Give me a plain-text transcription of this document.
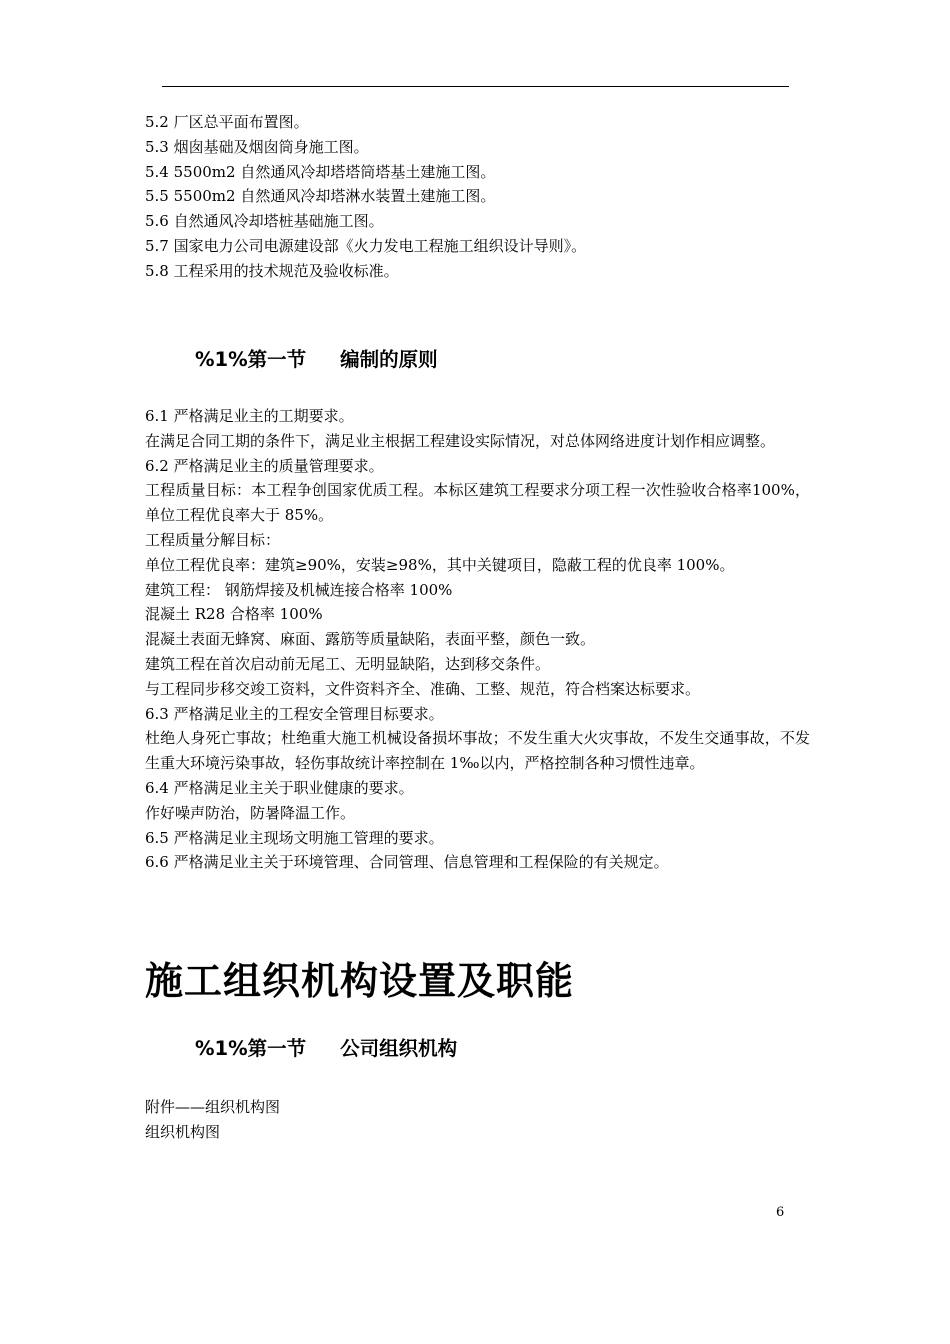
5.2 厂区总平面布置图。
5.3 烟囱基础及烟囱筒身施工图。
5.4 5500m2 自然通风冷却塔塔筒塔基土建施工图。
5.5 5500m2 自然通风冷却塔淋水装置土建施工图。
5.6 自然通风冷却塔桩基础施工图。
5.7 国家电力公司电源建设部《火力发电工程施工组织设计导则》。
5.8 工程采用的技术规范及验收标准。
%1%第一节 编制的原则
6.1 严格满足业主的工期要求。
在满足合同工期的条件下，满足业主根据工程建设实际情况，对总体网络进度计划作相应调整。
6.2 严格满足业主的质量管理要求。
工程质量目标：本工程争创国家优质工程。本标区建筑工程要求分项工程一次性验收合格率100%，单位工程优良率大于 85%。
工程质量分解目标：
单位工程优良率：建筑≥90%，安装≥98%，其中关键项目，隐蔽工程的优良率 100%。
建筑工程： 钢筋焊接及机械连接合格率 100%
混凝土 R28 合格率 100%
混凝土表面无蜂窝、麻面、露筋等质量缺陷，表面平整，颜色一致。
建筑工程在首次启动前无尾工、无明显缺陷，达到移交条件。
与工程同步移交竣工资料，文件资料齐全、准确、工整、规范，符合档案达标要求。
6.3 严格满足业主的工程安全管理目标要求。
杜绝人身死亡事故；杜绝重大施工机械设备损坏事故；不发生重大火灾事故，不发生交通事故，不发生重大环境污染事故，轻伤事故统计率控制在 1‰以内，严格控制各种习惯性违章。
6.4 严格满足业主关于职业健康的要求。
作好噪声防治，防暑降温工作。
6.5 严格满足业主现场文明施工管理的要求。
6.6 严格满足业主关于环境管理、合同管理、信息管理和工程保险的有关规定。
施工组织机构设置及职能
%1%第一节 公司组织机构
附件——组织机构图
组织机构图
6
